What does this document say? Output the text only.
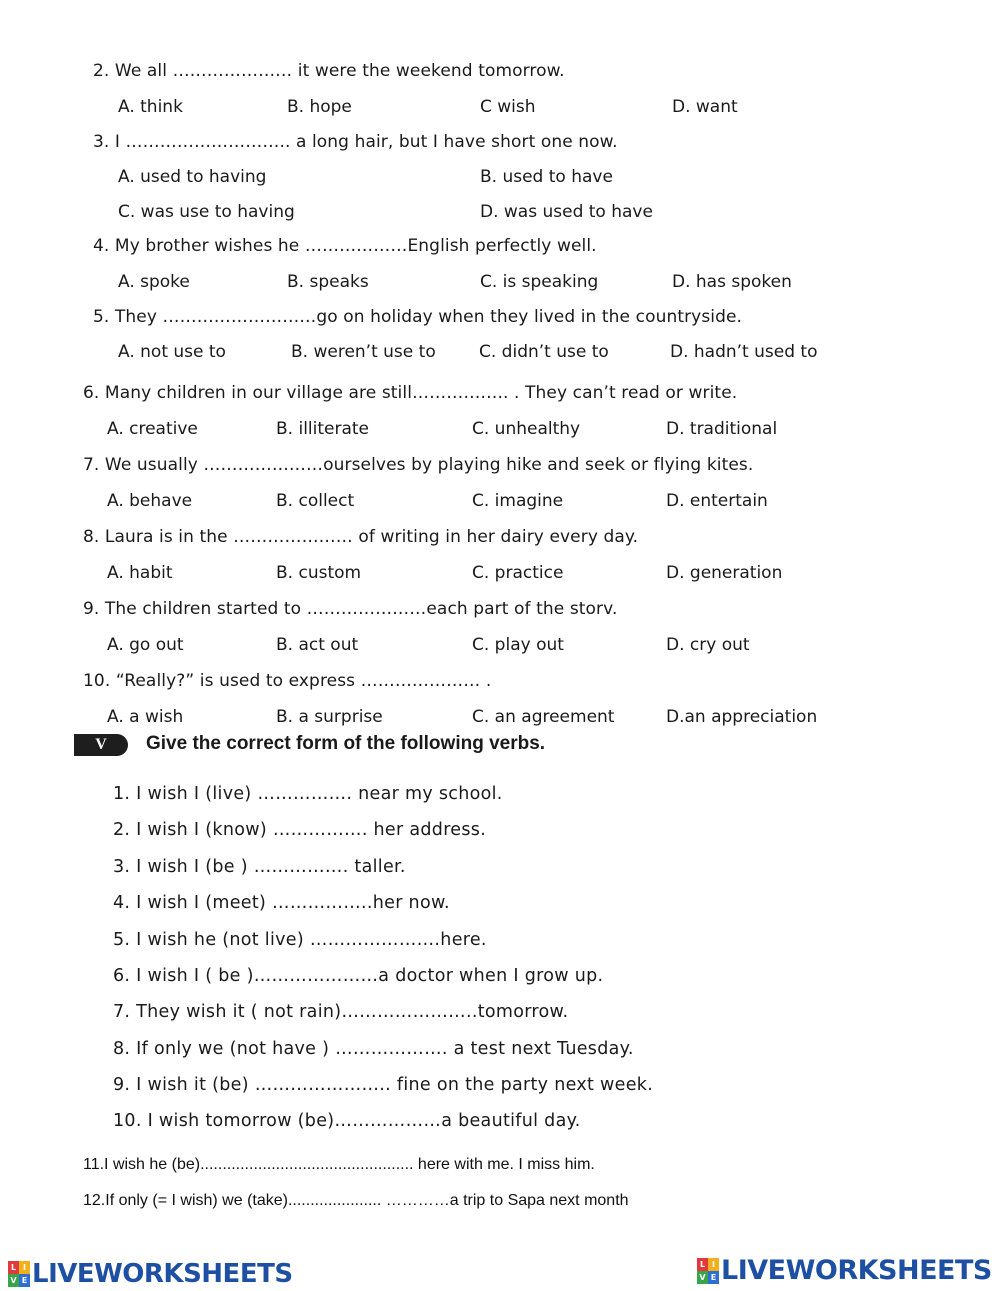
2. We all ………………… it were the weekend tomorrow.
A. think	B. hope	C wish	D. want
3. I ……………………….. a long hair, but I have short one now.
A. used to having	B. used to have
C. was use to having	D. was used to have
4. My brother wishes he ………………English perfectly well.
A. spoke	B. speaks	C. is speaking	D. has spoken
5. They ………………………go on holiday when they lived in the countryside.
A. not use to	B. weren’t use to	C. didn’t use to	D. hadn’t used to
6. Many children in our village are still…………….. . They can’t read or write.
A. creative	B. illiterate	C. unhealthy	D. traditional
7. We usually …………………ourselves by playing hike and seek or flying kites.
A. behave	B. collect	C. imagine	D. entertain
8. Laura is in the ………………… of writing in her dairy every day.
A. habit	B. custom	C. practice	D. generation
9. The children started to …………………each part of the storv.
A. go out	B. act out	C. play out	D. cry out
10. “Really?” is used to express ………………… .
A. a wish	B. a surprise	C. an agreement	D.an appreciation
V	Give the correct form of the following verbs.
1. I wish I (live) ……………. near my school.
2. I wish I (know) ……………. her address.
3. I wish I (be ) ……………. taller.
4. I wish I (meet) ……………..her now.
5. I wish he (not live) ………………….here.
6. I wish I ( be )…………………a doctor when I grow up.
7. They wish it ( not rain)…………………..tomorrow.
8. If only we (not have ) ………………. a test next Tuesday.
9. I wish it (be) ………………….. fine on the party next week.
10. I wish tomorrow (be)………………a beautiful day.
11.I wish he (be)................................................ here with me. I miss him.
12.If only (= I wish) we (take)..................... …………a trip to Sapa next month
L I
V E LIVEWORKSHEETS	L I
V E LIVEWORKSHEETS
